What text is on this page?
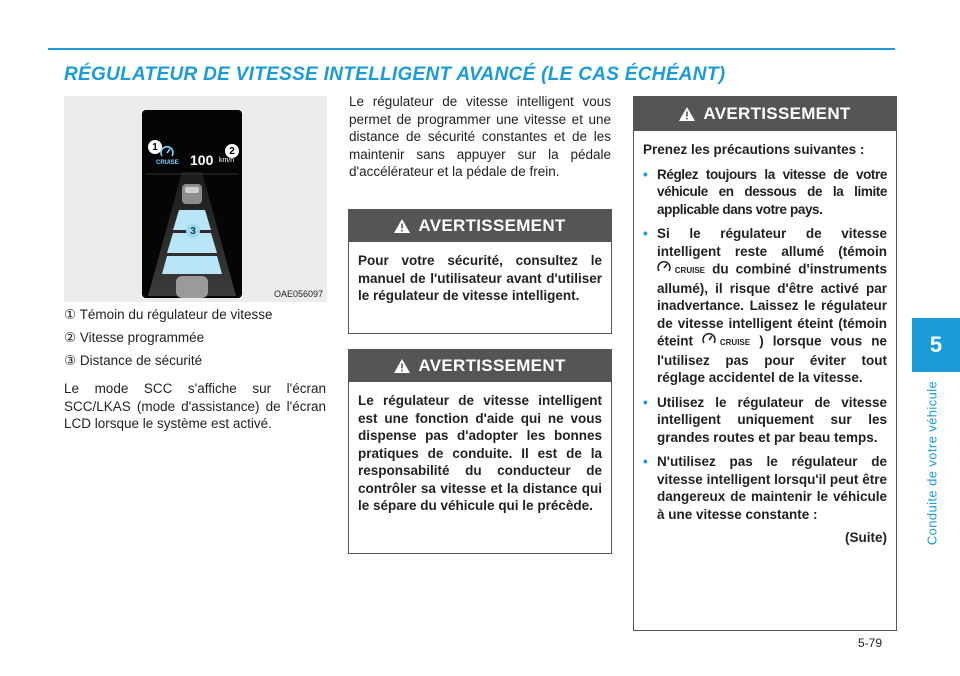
RÉGULATEUR DE VITESSE INTELLIGENT AVANCÉ (LE CAS ÉCHÉANT)
5
Conduite de votre véhicule
5-79
1	2
3
CRUISE 100 km/h
OAE056097
① Témoin du régulateur de vitesse
② Vitesse programmée
③ Distance de sécurité
Le mode SCC s'affiche sur l'écran SCC/LKAS (mode d'assistance) de l'écran LCD lorsque le système est activé.
Le régulateur de vitesse intelligent vous permet de programmer une vitesse et une distance de sécurité constantes et de les maintenir sans appuyer sur la pédale d'accélérateur et la pédale de frein.
AVERTISSEMENT
Pour votre sécurité, consultez le manuel de l'utilisateur avant d'utiliser le régulateur de vitesse intelligent.
AVERTISSEMENT
Le régulateur de vitesse intelligent est une fonction d'aide qui ne vous dispense pas d'adopter les bonnes pratiques de conduite. Il est de la responsabilité du conducteur de contrôler sa vitesse et la distance qui le sépare du véhicule qui le précède.
AVERTISSEMENT
Prenez les précautions suivantes :
• Réglez toujours la vitesse de votre véhicule en dessous de la limite applicable dans votre pays.
• Si le régulateur de vitesse intelligent reste allumé (témoin  CRUISE du combiné d'instruments allumé), il risque d'être activé par inadvertance. Laissez le régulateur de vitesse intelligent éteint (témoin éteint	CRUISE ) lorsque vous ne l'utilisez pas pour éviter tout réglage accidentel de la vitesse.
• Utilisez le régulateur de vitesse intelligent uniquement sur les grandes routes et par beau temps.
• N'utilisez pas le régulateur de vitesse intelligent lorsqu'il peut être dangereux de maintenir le véhicule à une vitesse constante :
(Suite)
